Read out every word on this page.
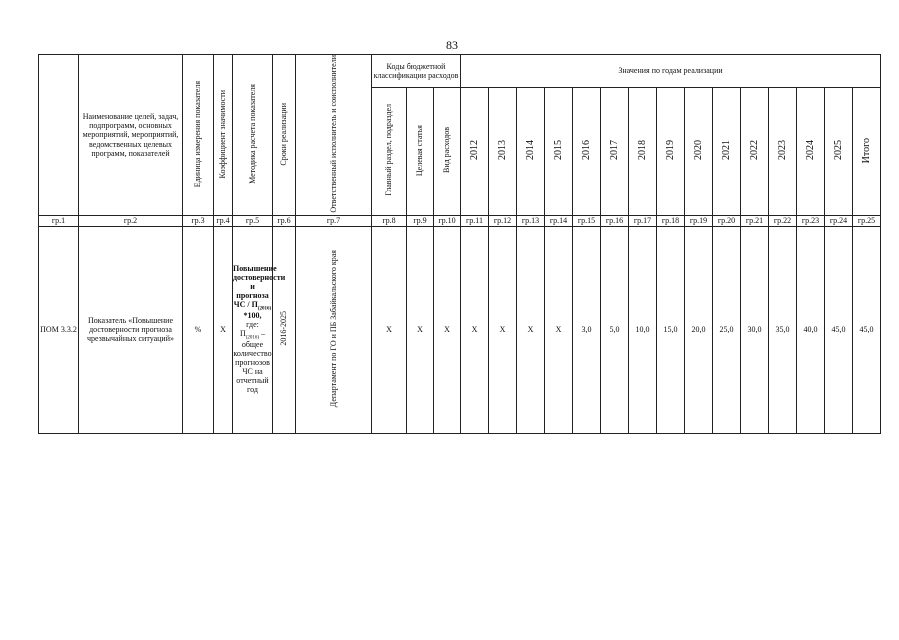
83
	Наименование целей, задач, подпрограмм, основных мероприятий, мероприятий, ведомственных целевых программ, показателей	Единица измерения показателя	Коэффициент значимости	Методика расчета показателя	Сроки реализации	Ответственный исполнитель и соисполнители	Коды бюджетной классификации расходов			Значения по годам реализации														
							Главный раздел, подраздел	Целевая статья	Вид расходов	2012	2013	2014	2015	2016	2017	2018	2019	2020	2021	2022	2023	2024	2025	Итого
гр.1	гр.2	гр.3	гр.4	гр.5	гр.6	гр.7	гр.8	гр.9	гр.10	гр.11	гр.12	гр.13	гр.14	гр.15	гр.16	гр.17	гр.18	гр.19	гр.20	гр.21	гр.22	гр.23	гр.24	гр.25
ПОМ 3.3.2	Показатель «Повышение достоверности прогноза чрезвычайных ситуаций»	%	Х	Повышение достоверности и прогноза ЧС / $П_{(2016)}$ *100,
где:
$П_{(2016)}$ – общее количество прогнозов ЧС на отчетный год	2016-2025	Департамент по ГО и ПБ Забайкальского края	Х	Х	Х	Х	Х	Х	Х	3,0	5,0	10,0	15,0	20,0	25,0	30,0	35,0	40,0	45,0	45,0
